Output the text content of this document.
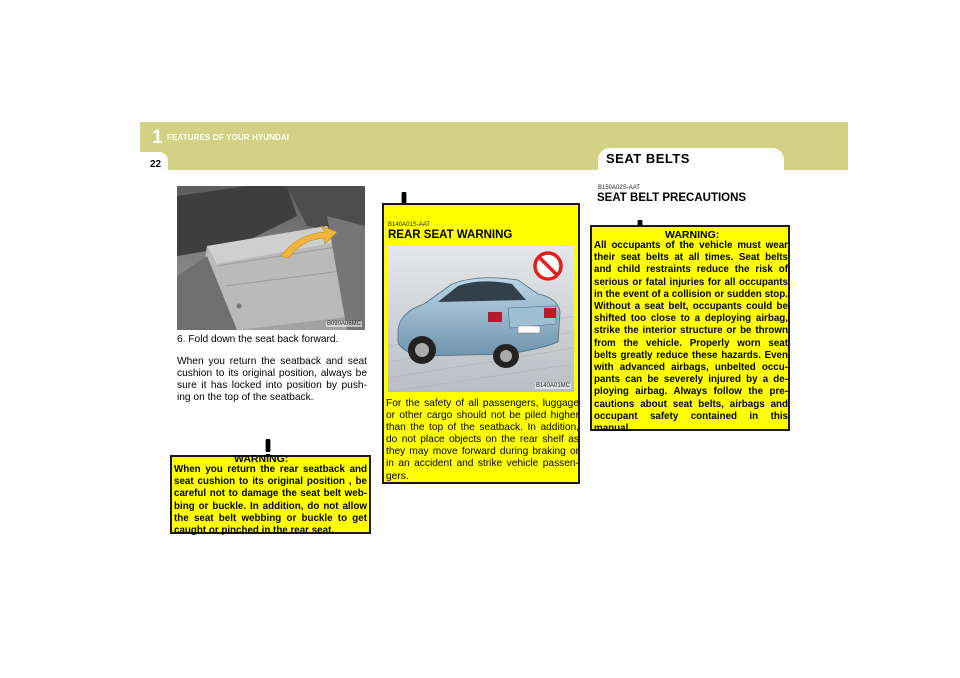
1 FEATURES OF YOUR HYUNDAI
22	SEAT BELTS
B090A06MC
6. Fold down the seat back forward.
When you return the seatback and seat cushion to its original position, always be sure it has locked into position by push-ing on the top of the seatback.
WARNING:
When you return the rear seatback and seat cushion to its original position , be careful not to damage the seat belt web-bing or buckle. In addition, do not allow the seat belt webbing or buckle to get caught or pinched in the rear seat.
B140A01S-AAT
REAR SEAT WARNING
For the safety of all passengers, luggage or other cargo should not be piled higher than the top of the seatback. In addition, do not place objects on the rear shelf as they may move forward during braking or in an accident and strike vehicle passen-gers.
B140A01MC
B150A02S-AAT
SEAT BELT PRECAUTIONS
WARNING:
All occupants of the vehicle must wear their seat belts at all times. Seat belts and child restraints reduce the risk of serious or fatal injuries for all occupants in the event of a collision or sudden stop. Without a seat belt, occupants could be shifted too close to a deploying airbag, strike the interior structure or be thrown from the vehicle. Properly worn seat belts greatly reduce these hazards. Even with advanced airbags, unbelted occu-pants can be severely injured by a de-ploying airbag. Always follow the pre-cautions about seat belts, airbags and occupant safety contained in this manual.
